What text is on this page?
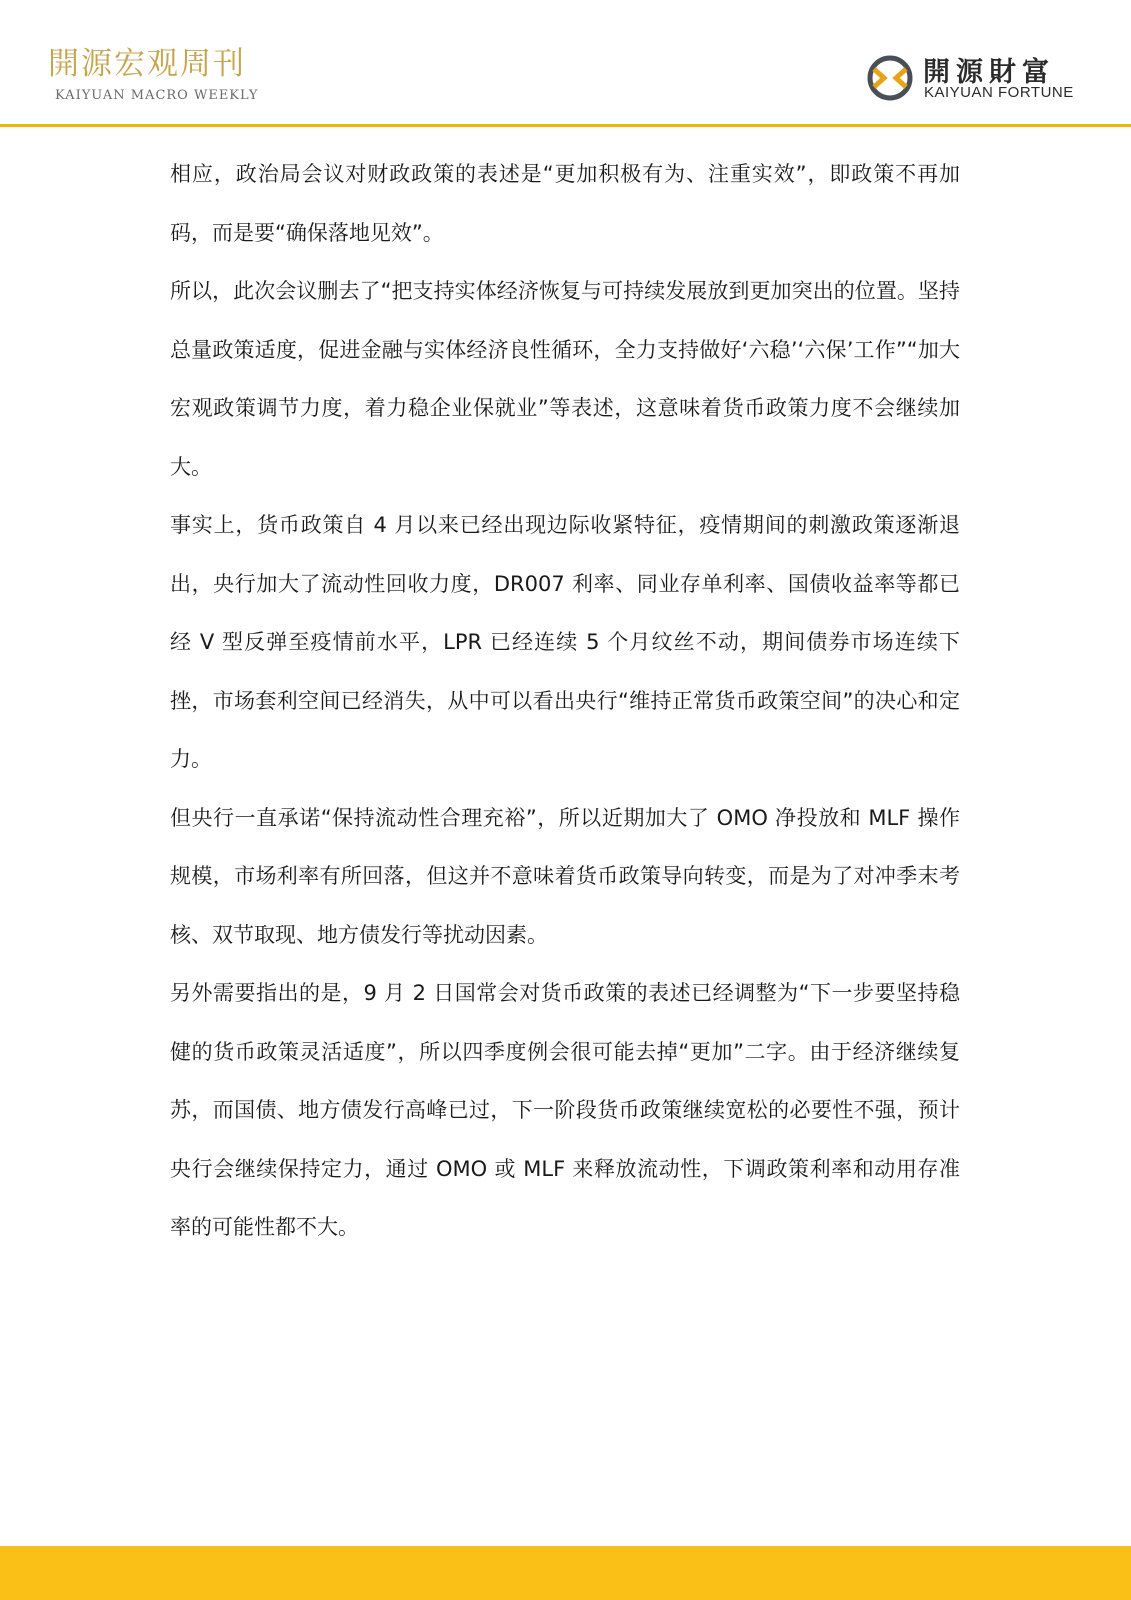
開源宏观周刊
KAIYUAN MACRO WEEKLY
開源財富
KAIYUAN FORTUNE

相应，政治局会议对财政政策的表述是“更加积极有为、注重实效”，即政策不再加码，而是要“确保落地见效”。

所以，此次会议删去了“把支持实体经济恢复与可持续发展放到更加突出的位置。坚持总量政策适度，促进金融与实体经济良性循环，全力支持做好‘六稳’‘六保’工作”“加大宏观政策调节力度，着力稳企业保就业”等表述，这意味着货币政策力度不会继续加大。

事实上，货币政策自 4 月以来已经出现边际收紧特征，疫情期间的刺激政策逐渐退出，央行加大了流动性回收力度，DR007 利率、同业存单利率、国债收益率等都已经 V 型反弹至疫情前水平，LPR 已经连续 5 个月纹丝不动，期间债券市场连续下挫，市场套利空间已经消失，从中可以看出央行“维持正常货币政策空间”的决心和定力。

但央行一直承诺“保持流动性合理充裕”，所以近期加大了 OMO 净投放和 MLF 操作规模，市场利率有所回落，但这并不意味着货币政策导向转变，而是为了对冲季末考核、双节取现、地方债发行等扰动因素。

另外需要指出的是，9 月 2 日国常会对货币政策的表述已经调整为“下一步要坚持稳健的货币政策灵活适度”，所以四季度例会很可能去掉“更加”二字。由于经济继续复苏，而国债、地方债发行高峰已过，下一阶段货币政策继续宽松的必要性不强，预计央行会继续保持定力，通过 OMO 或 MLF 来释放流动性，下调政策利率和动用存准率的可能性都不大。
